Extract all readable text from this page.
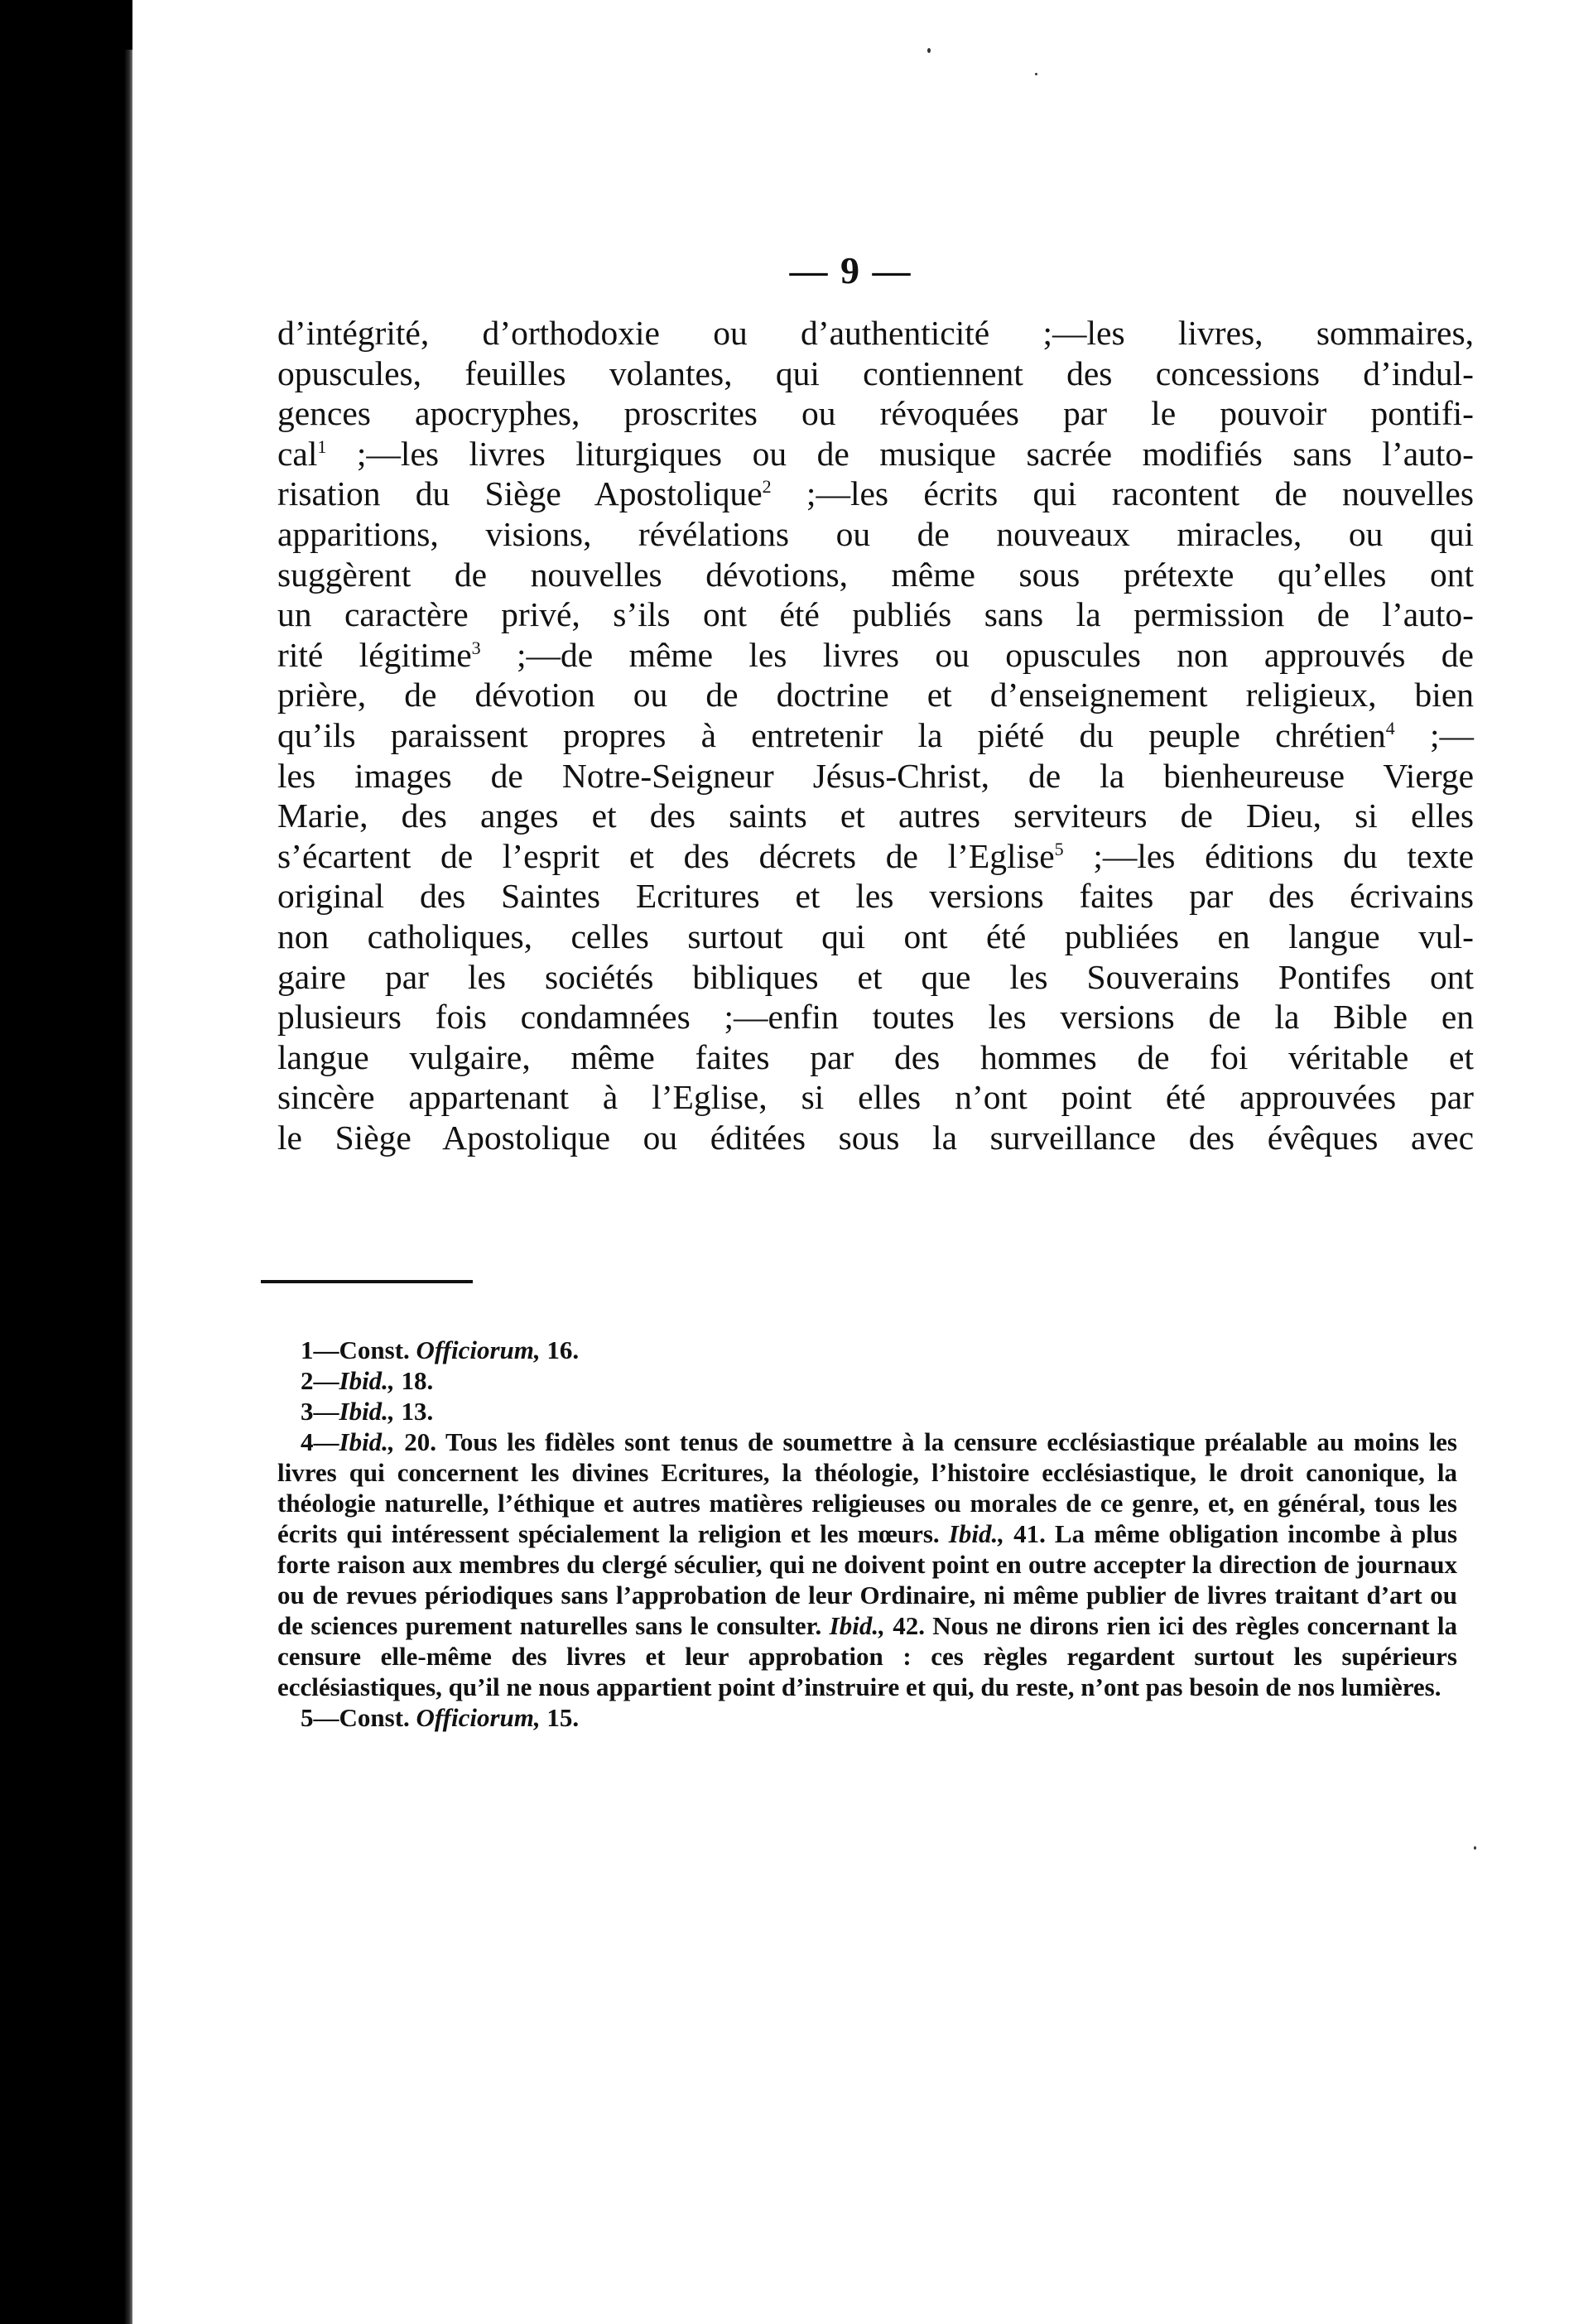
— 9 —
d’intégrité, d’orthodoxie ou d’authenticité ;—les livres, sommaires,
opuscules, feuilles volantes, qui contiennent des concessions d’indul-
gences apocryphes, proscrites ou révoquées par le pouvoir pontifi-
cal$^1$ ;—les livres liturgiques ou de musique sacrée modifiés sans l’auto-
risation du Siège Apostolique$^2$ ;—les écrits qui racontent de nouvelles
apparitions, visions, révélations ou de nouveaux miracles, ou qui
suggèrent de nouvelles dévotions, même sous prétexte qu’elles ont
un caractère privé, s’ils ont été publiés sans la permission de l’auto-
rité légitime$^3$ ;—de même les livres ou opuscules non approuvés de
prière, de dévotion ou de doctrine et d’enseignement religieux, bien
qu’ils paraissent propres à entretenir la piété du peuple chrétien$^4$ ;—
les images de Notre-Seigneur Jésus-Christ, de la bienheureuse Vierge
Marie, des anges et des saints et autres serviteurs de Dieu, si elles
s’écartent de l’esprit et des décrets de l’Eglise$^5$ ;—les éditions du texte
original des Saintes Ecritures et les versions faites par des écrivains
non catholiques, celles surtout qui ont été publiées en langue vul-
gaire par les sociétés bibliques et que les Souverains Pontifes ont
plusieurs fois condamnées ;—enfin toutes les versions de la Bible en
langue vulgaire, même faites par des hommes de foi véritable et
sincère appartenant à l’Eglise, si elles n’ont point été approuvées par
le Siège Apostolique ou éditées sous la surveillance des évêques avec
1—Const. Officiorum, 16.
2—Ibid., 18.
3—Ibid., 13.
4—Ibid., 20. Tous les fidèles sont tenus de soumettre à la censure ecclésiastique préalable au moins les livres qui concernent les divines Ecritures, la théologie, l’histoire ecclésiastique, le droit canonique, la théologie naturelle, l’éthique et autres matières religieuses ou morales de ce genre, et, en général, tous les écrits qui intéressent spécialement la religion et les mœurs. Ibid., 41. La même obligation incombe à plus forte raison aux membres du clergé séculier, qui ne doivent point en outre accepter la direction de journaux ou de revues périodiques sans l’approbation de leur Ordinaire, ni même publier de livres traitant d’art ou de sciences purement naturelles sans le consulter. Ibid., 42. Nous ne dirons rien ici des règles concernant la censure elle-même des livres et leur approbation : ces règles regardent surtout les supérieurs ecclésiastiques, qu’il ne nous appartient point d’instruire et qui, du reste, n’ont pas besoin de nos lumières.
5—Const. Officiorum, 15.
